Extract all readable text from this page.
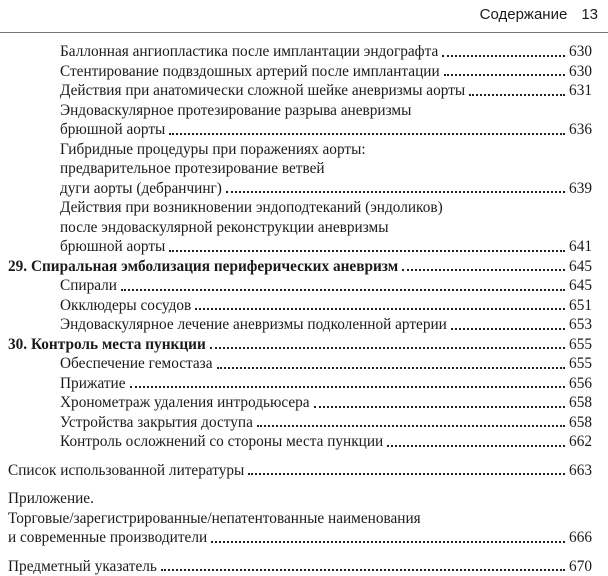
Содержание 13
Баллонная ангиопластика после имплантации эндографта	630
Стентирование подвздошных артерий после имплантации	630
Действия при анатомически сложной шейке аневризмы аорты	631
Эндоваскулярное протезирование разрыва аневризмы
брюшной аорты	636
Гибридные процедуры при поражениях аорты:
предварительное протезирование ветвей
дуги аорты (дебранчинг)	639
Действия при возникновении эндоподтеканий (эндоликов)
после эндоваскулярной реконструкции аневризмы
брюшной аорты	641
29. Спиральная эмболизация периферических аневризм	645
Спирали	645
Окклюдеры сосудов	651
Эндоваскулярное лечение аневризмы подколенной артерии	653
30. Контроль места пункции	655
Обеспечение гемостаза	655
Прижатие	656
Хронометраж удаления интродьюсера	658
Устройства закрытия доступа	658
Контроль осложнений со стороны места пункции	662
Список использованной литературы	663
Приложение.
Торговые/зарегистрированные/непатентованные наименования
и современные производители	666
Предметный указатель	670
